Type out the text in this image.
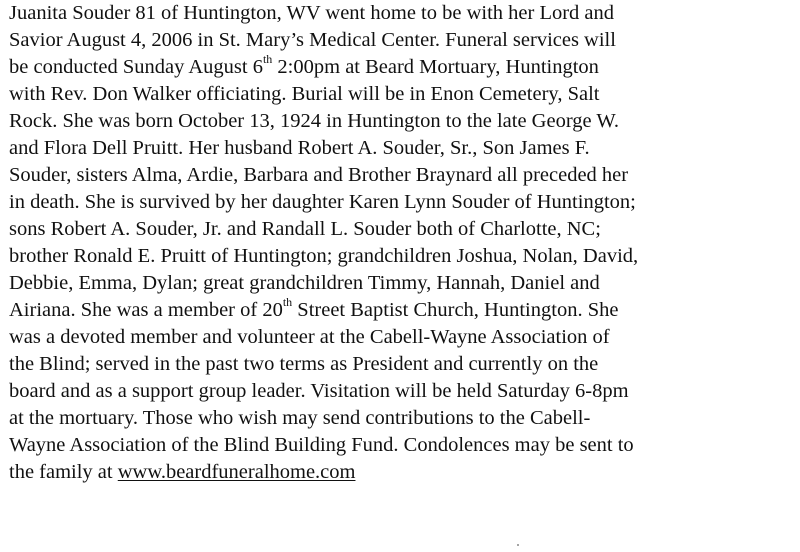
Juanita Souder 81 of Huntington, WV went home to be with her Lord and
Savior August 4, 2006 in St. Mary’s Medical Center. Funeral services will
be conducted Sunday August 6th 2:00pm at Beard Mortuary, Huntington
with Rev. Don Walker officiating. Burial will be in Enon Cemetery, Salt
Rock. She was born October 13, 1924 in Huntington to the late George W.
and Flora Dell Pruitt. Her husband Robert A. Souder, Sr., Son James F.
Souder, sisters Alma, Ardie, Barbara and Brother Braynard all preceded her
in death. She is survived by her daughter Karen Lynn Souder of Huntington;
sons Robert A. Souder, Jr. and Randall L. Souder both of Charlotte, NC;
brother Ronald E. Pruitt of Huntington; grandchildren Joshua, Nolan, David,
Debbie, Emma, Dylan; great grandchildren Timmy, Hannah, Daniel and
Airiana. She was a member of 20th Street Baptist Church, Huntington. She
was a devoted member and volunteer at the Cabell-Wayne Association of
the Blind; served in the past two terms as President and currently on the
board and as a support group leader. Visitation will be held Saturday 6-8pm
at the mortuary. Those who wish may send contributions to the Cabell-
Wayne Association of the Blind Building Fund. Condolences may be sent to
the family at www.beardfuneralhome.com
